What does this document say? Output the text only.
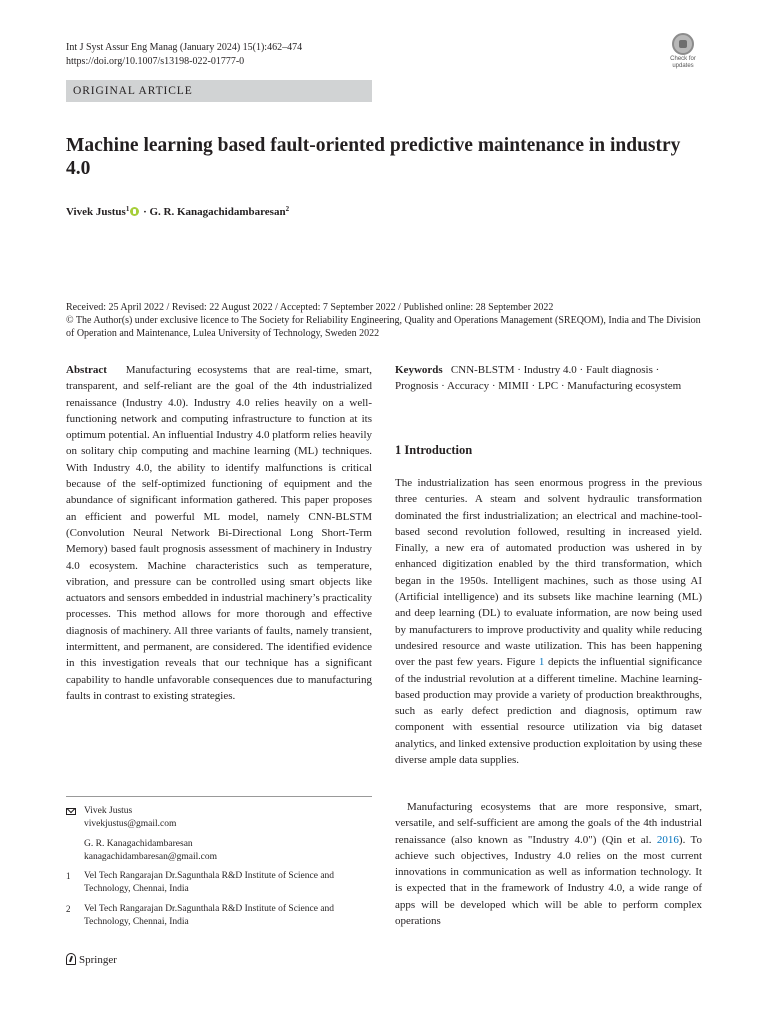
Int J Syst Assur Eng Manag (January 2024) 15(1):462–474
https://doi.org/10.1007/s13198-022-01777-0	Check for updates
ORIGINAL ARTICLE
Machine learning based fault-oriented predictive maintenance in industry 4.0
Vivek Justus$^1$ · G. R. Kanagachidambaresan$^2$
Received: 25 April 2022 / Revised: 22 August 2022 / Accepted: 7 September 2022 / Published online: 28 September 2022
© The Author(s) under exclusive licence to The Society for Reliability Engineering, Quality and Operations Management (SREQOM), India and The Division of Operation and Maintenance, Lulea University of Technology, Sweden 2022
Abstract Manufacturing ecosystems that are real-time, smart, transparent, and self-reliant are the goal of the 4th industrialized renaissance (Industry 4.0). Industry 4.0 relies heavily on a well-functioning network and computing infrastructure to function at its optimum potential. An influential Industry 4.0 platform relies heavily on solitary chip computing and machine learning (ML) techniques. With Industry 4.0, the ability to identify malfunctions is critical because of the self-optimized functioning of equipment and the abundance of significant information gathered. This paper proposes an efficient and powerful ML model, namely CNN-BLSTM (Convolution Neural Network Bi-Directional Long Short-Term Memory) based fault prognosis assessment of machinery in Industry 4.0 ecosystem. Machine characteristics such as temperature, vibration, and pressure can be controlled using smart objects like actuators and sensors embedded in industrial machinery’s practicality processes. This method allows for more thorough and effective diagnosis of machinery. All three variants of faults, namely transient, intermittent, and permanent, are considered. The identified evidence in this investigation reveals that our technique has a significant capability to handle unfavorable consequences due to manufacturing faults in contrast to existing strategies.
Keywords CNN-BLSTM · Industry 4.0 · Fault diagnosis · Prognosis · Accuracy · MIMII · LPC · Manufacturing ecosystem
1 Introduction
The industrialization has seen enormous progress in the previous three centuries. A steam and solvent hydraulic transformation dominated the first industrialization; an electrical and machine-tool-based second revolution followed, resulting in increased yield. Finally, a new era of automated production was ushered in by enhanced digitization enabled by the third transformation, which began in the 1950s. Intelligent machines, such as those using AI (Artificial intelligence) and its subsets like machine learning (ML) and deep learning (DL) to evaluate information, are now being used by manufacturers to improve productivity and quality while reducing undesired resource and waste utilization. This has been happening over the past few years. Figure 1 depicts the influential significance of the industrial revolution at a different timeline. Machine learning-based production may provide a variety of production breakthroughs, such as early defect prediction and diagnosis, optimum raw component with essential resource utilization via big dataset analytics, and linked extensive production exploitation by using these diverse ample data supplies.
Manufacturing ecosystems that are more responsive, smart, versatile, and self-sufficient are among the goals of the 4th industrial renaissance (also known as "Industry 4.0") (Qin et al. 2016). To achieve such objectives, Industry 4.0 relies on the most current innovations in communication as well as information technology. It is expected that in the framework of Industry 4.0, a wide range of apps will be developed which will be able to perform complex operations
Vivek Justus
vivekjustus@gmail.com
G. R. Kanagachidambaresan
kanagachidambaresan@gmail.com
1	Vel Tech Rangarajan Dr.Sagunthala R&D Institute of Science and Technology, Chennai, India
2	Vel Tech Rangarajan Dr.Sagunthala R&D Institute of Science and Technology, Chennai, India
Springer
